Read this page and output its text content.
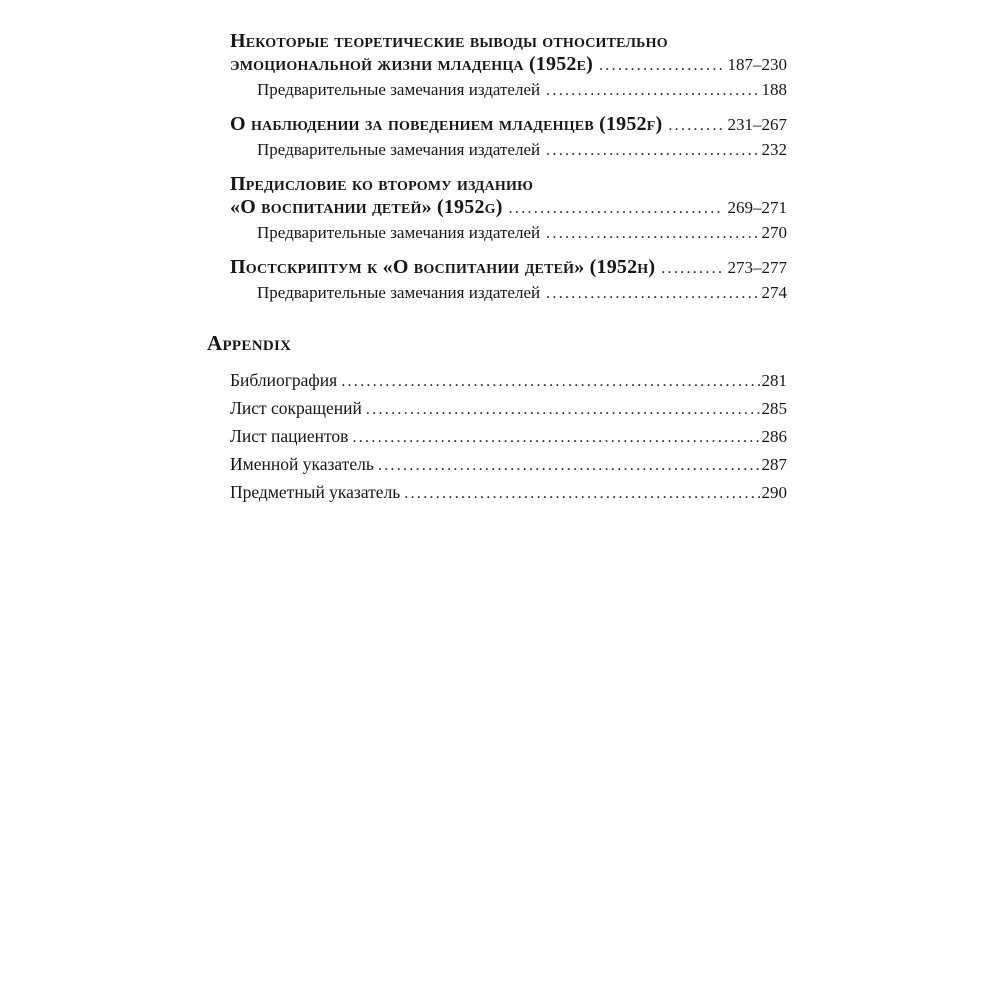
Некоторые теоретические выводы относительно
эмоциональной жизни младенца (1952e) .....	187–230
Предварительные замечания издателей .....	188
О наблюдении за поведением младенцев (1952f) .....	231–267
Предварительные замечания издателей .....	232
Предисловие ко второму изданию
«О воспитании детей» (1952g) .....	269–271
Предварительные замечания издателей .....	270
Постскриптум к «О воспитании детей» (1952h) .....	273–277
Предварительные замечания издателей .....	274
Appendix
Библиография .....	281
Лист сокращений .....	285
Лист пациентов .....	286
Именной указатель .....	287
Предметный указатель .....	290
